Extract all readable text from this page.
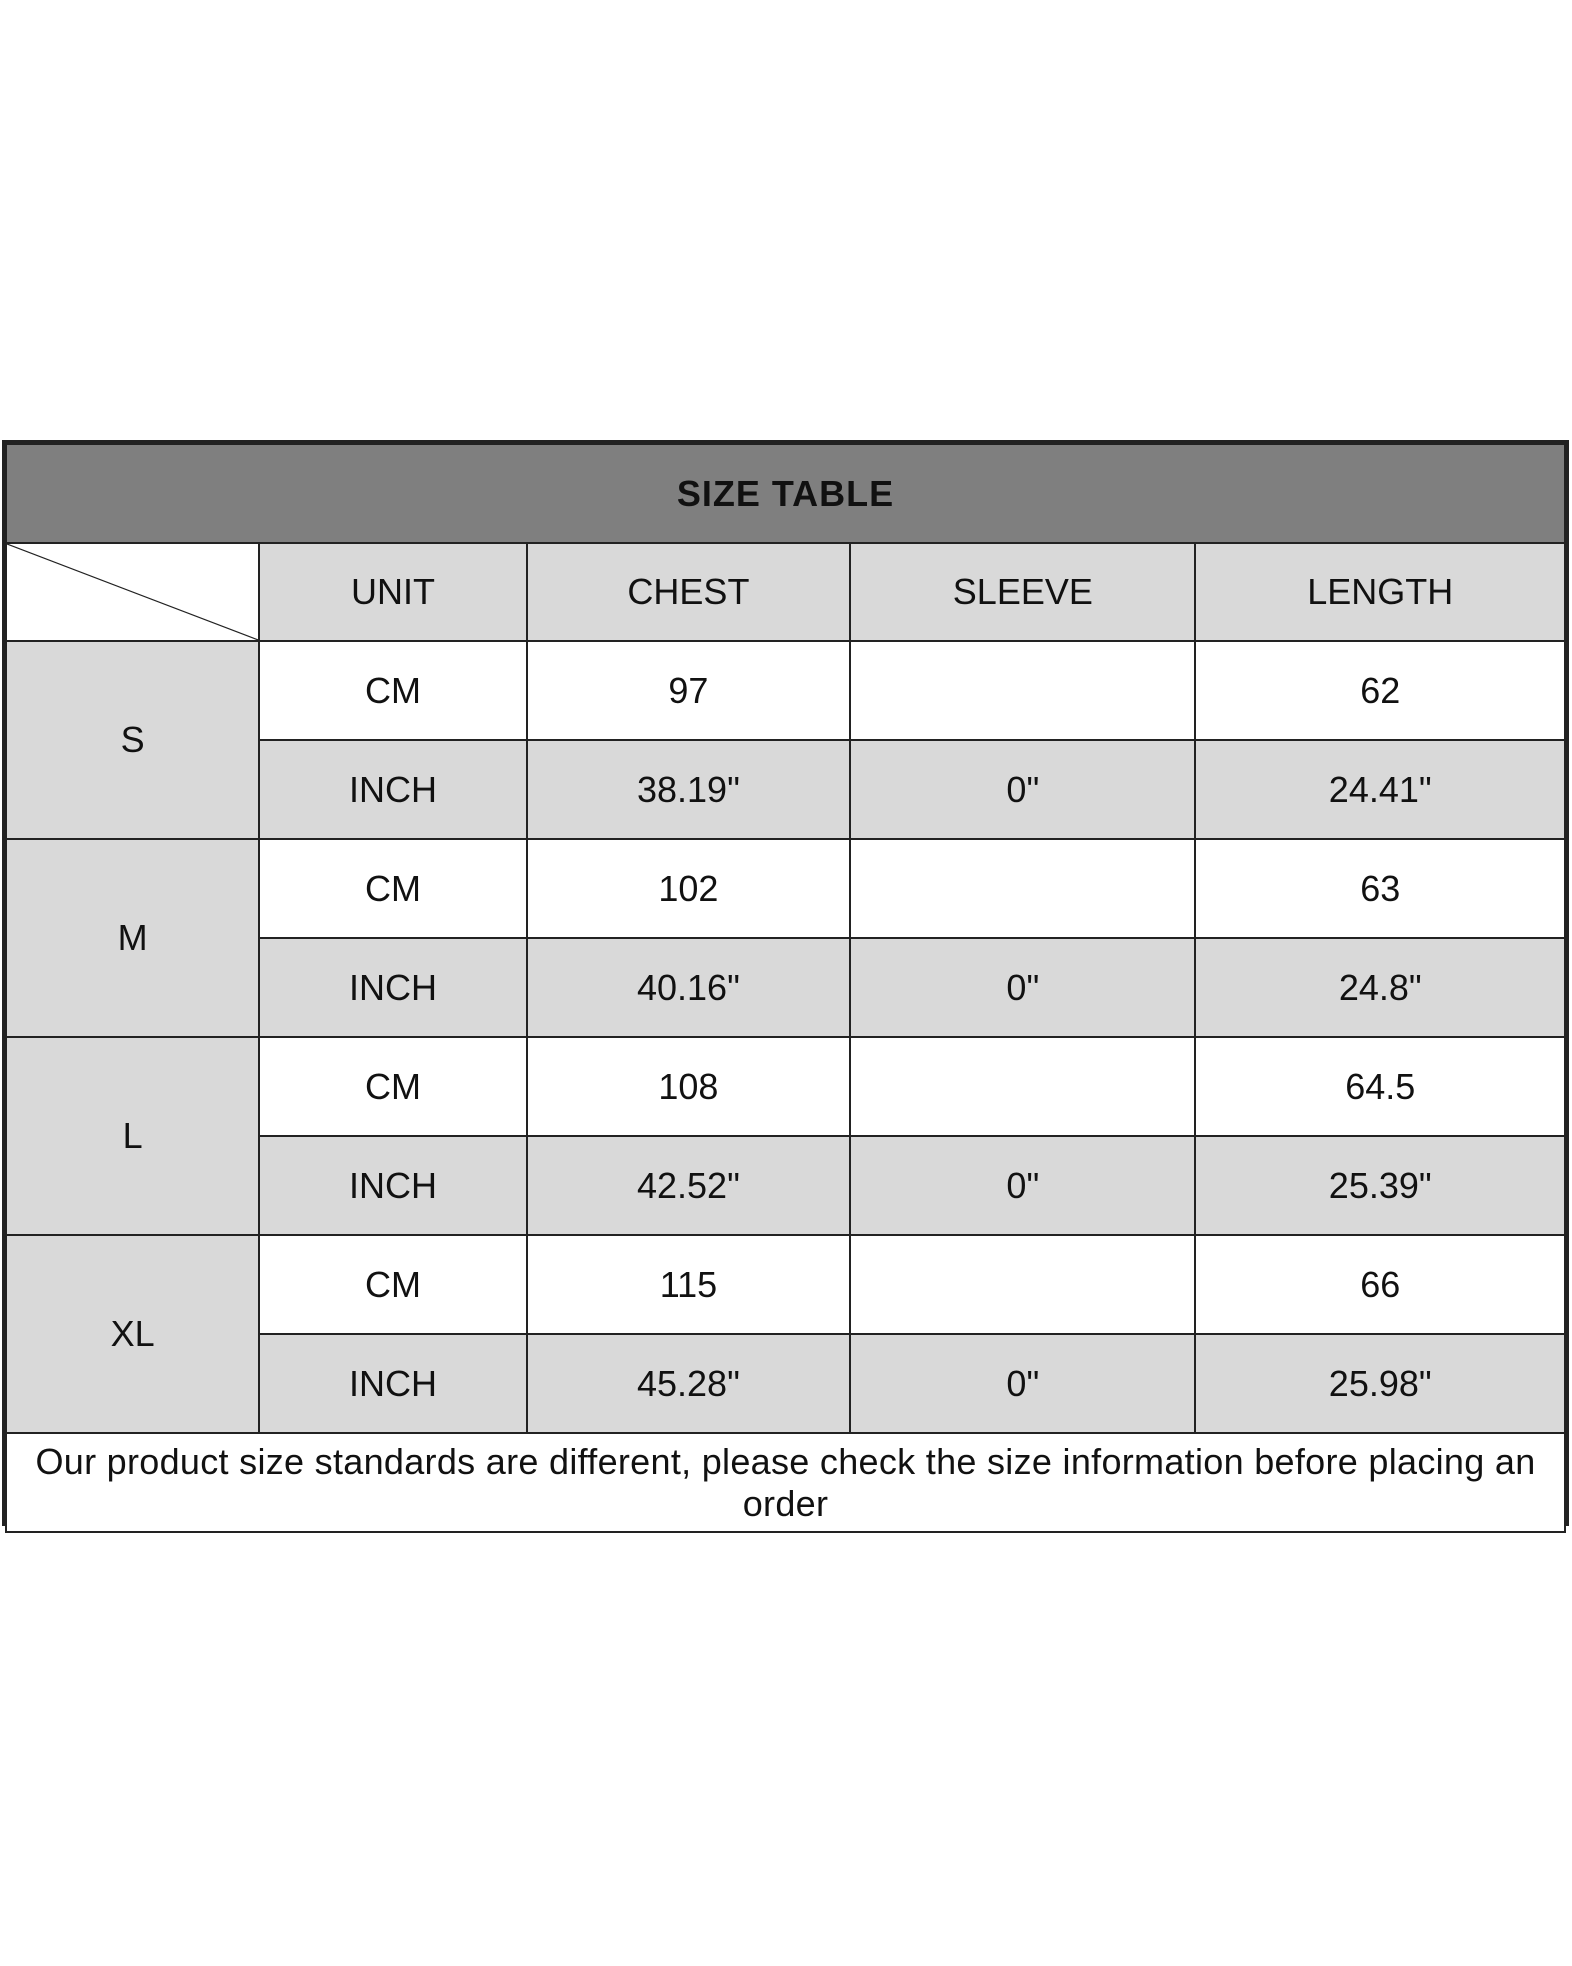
SIZE TABLE				

	UNIT	CHEST	SLEEVE	LENGTH
S	CM	97		62
	INCH	38.19"	0"	24.41"
M	CM	102		63
	INCH	40.16"	0"	24.8"
L	CM	108		64.5
	INCH	42.52"	0"	25.39"
XL	CM	115		66
	INCH	45.28"	0"	25.98"
Our product size standards are different, please check the size information before placing an order				
